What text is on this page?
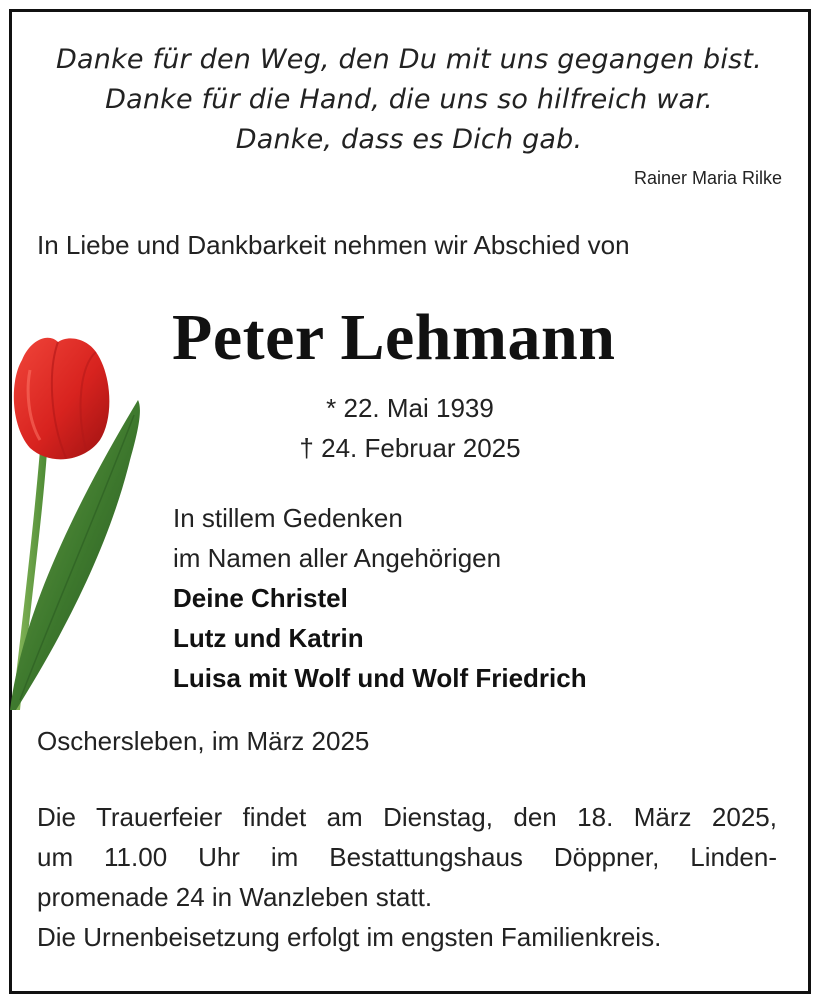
Danke für den Weg, den Du mit uns gegangen bist.
Danke für die Hand, die uns so hilfreich war.
Danke, dass es Dich gab.
Rainer Maria Rilke
In Liebe und Dankbarkeit nehmen wir Abschied von
Peter Lehmann
* 22. Mai 1939
† 24. Februar 2025
In stillem Gedenken
im Namen aller Angehörigen
Deine Christel
Lutz und Katrin
Luisa mit Wolf und Wolf Friedrich
Oschersleben, im März 2025
Die Trauerfeier findet am Dienstag, den 18. März 2025,
um 11.00 Uhr im Bestattungshaus Döppner, Linden-
promenade 24 in Wanzleben statt.
Die Urnenbeisetzung erfolgt im engsten Familienkreis.
